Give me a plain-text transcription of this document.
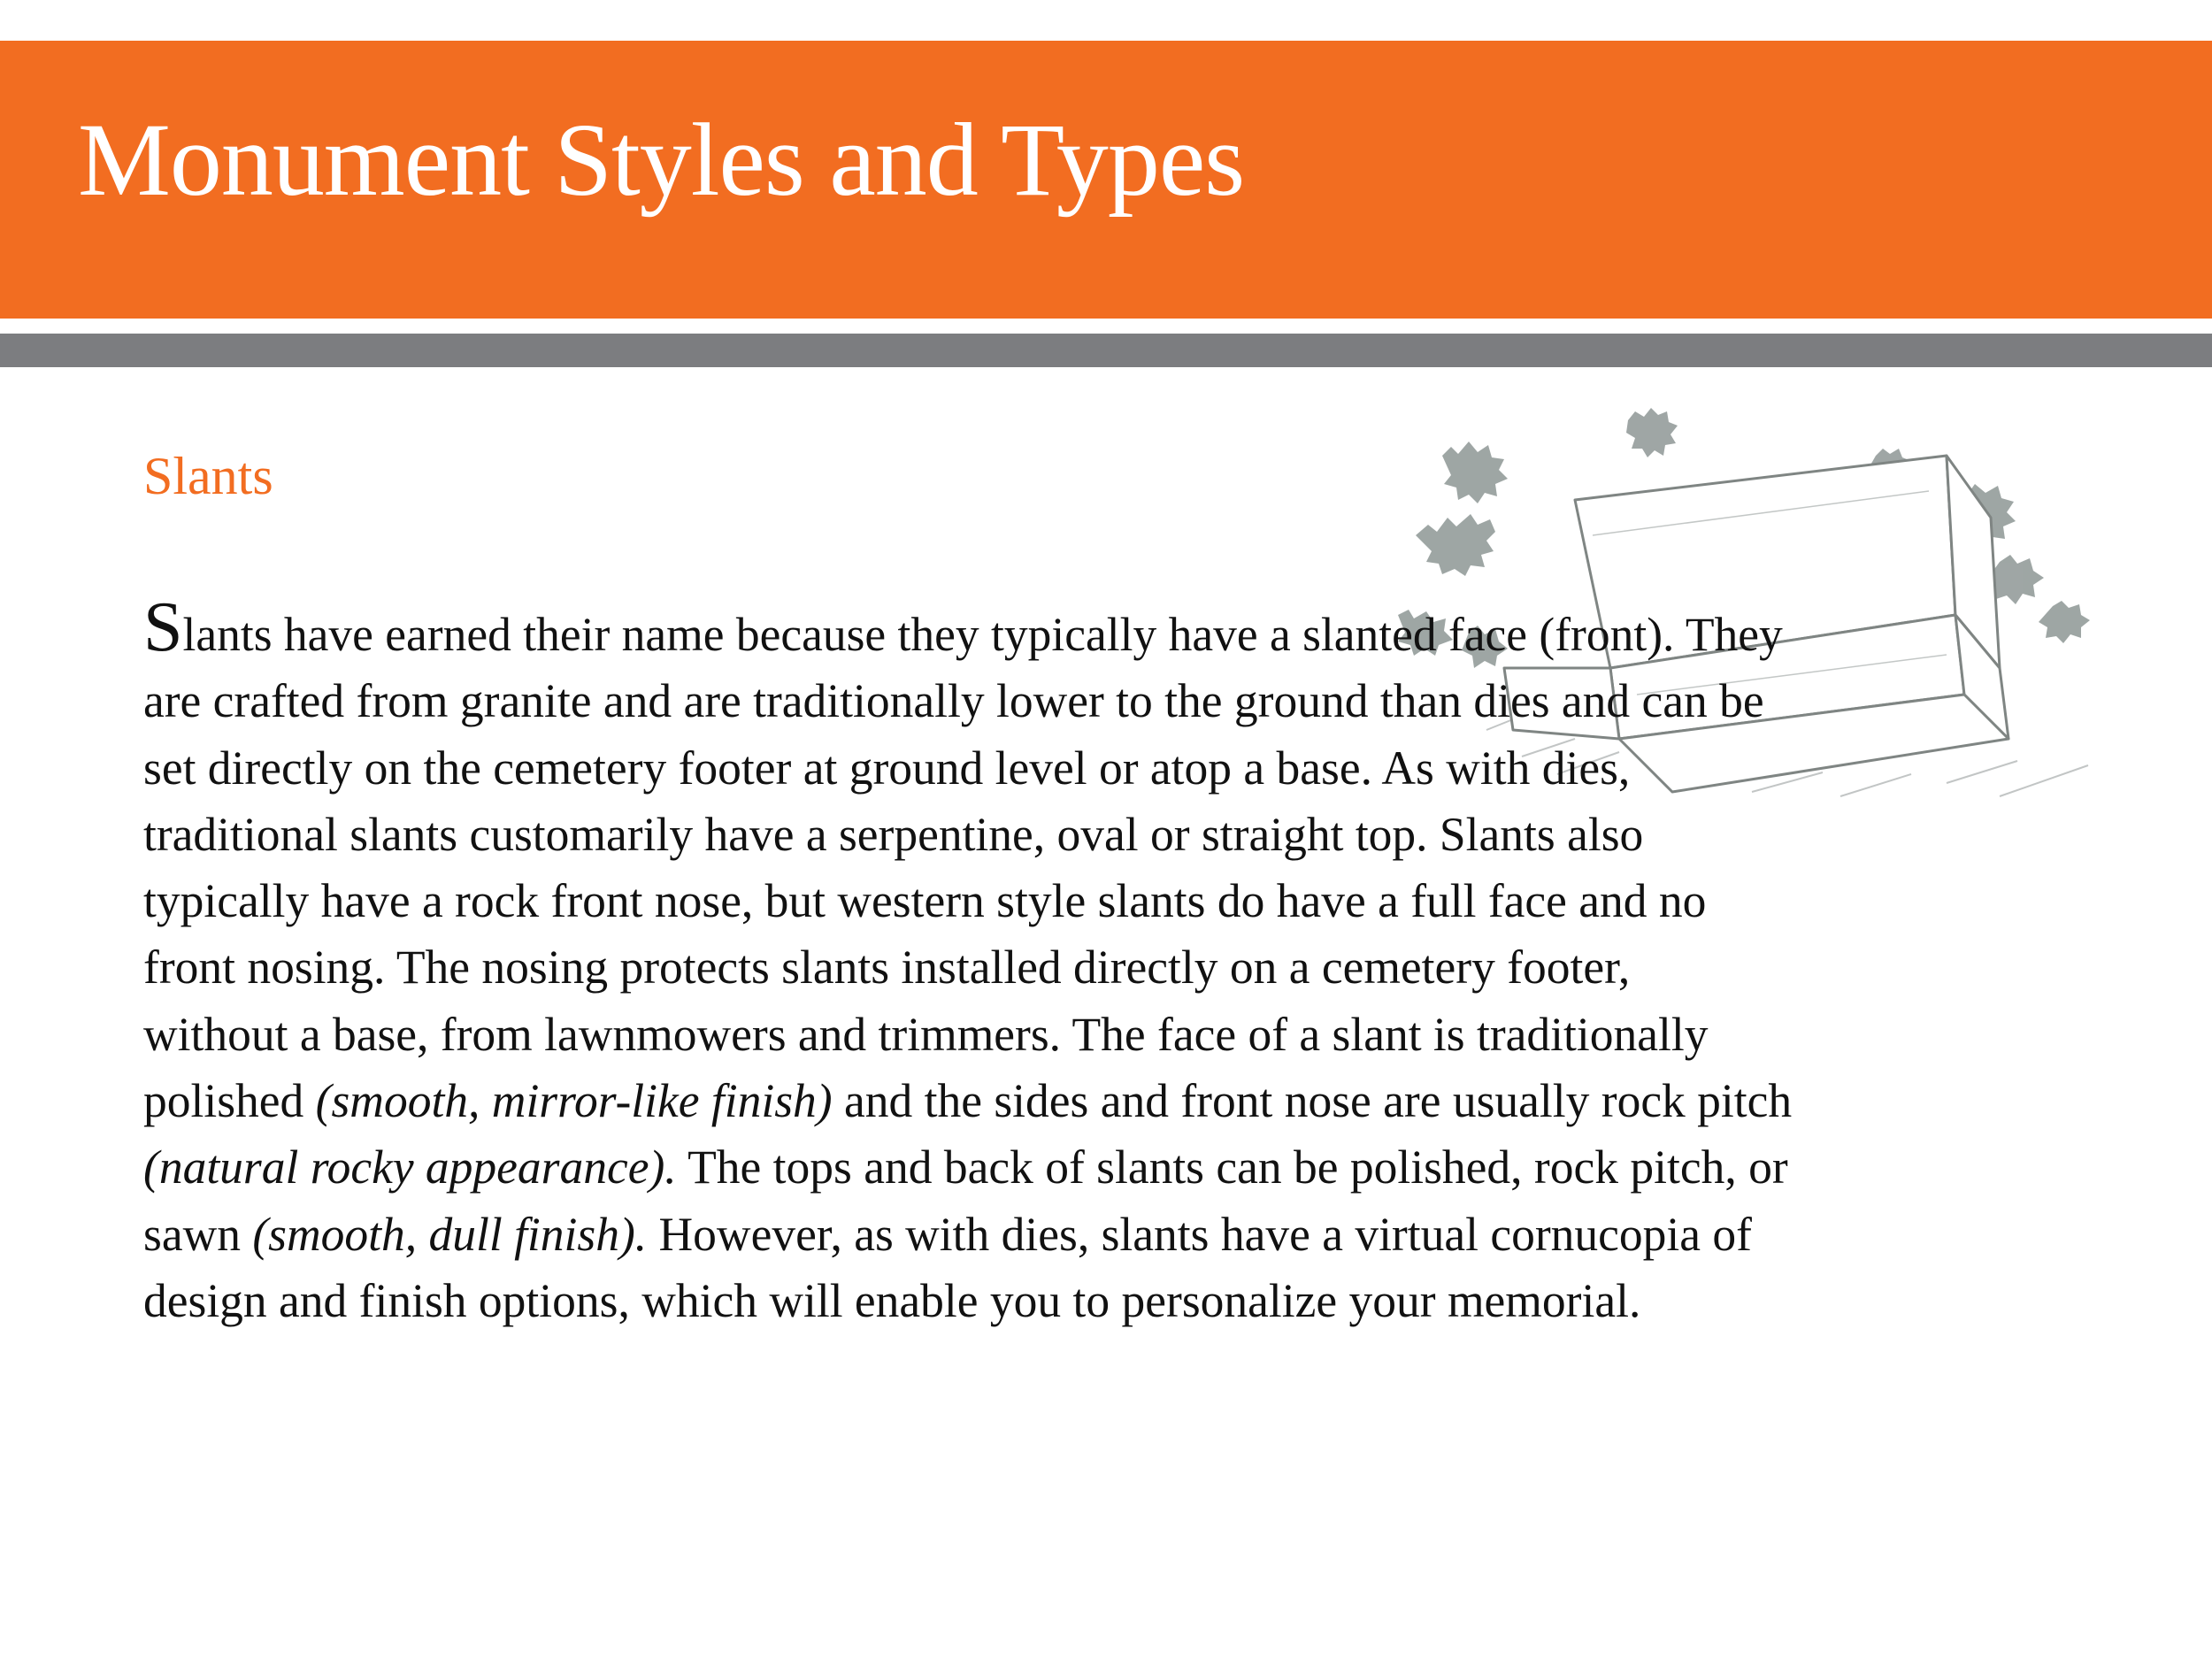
Monument Styles and Types
Slants

Slants have earned their name because they typically have a slanted face (front). They
are crafted from granite and are traditionally lower to the ground than dies and can be
set directly on the cemetery footer at ground level or atop a base. As with dies,
traditional slants customarily have a serpentine, oval or straight top. Slants also
typically have a rock front nose, but western style slants do have a full face and no
front nosing. The nosing protects slants installed directly on a cemetery footer,
without a base, from lawnmowers and trimmers. The face of a slant is traditionally
polished (smooth, mirror-like finish) and the sides and front nose are usually rock pitch
(natural rocky appearance). The tops and back of slants can be polished, rock pitch, or
sawn (smooth, dull finish). However, as with dies, slants have a virtual cornucopia of
design and finish options, which will enable you to personalize your memorial.
